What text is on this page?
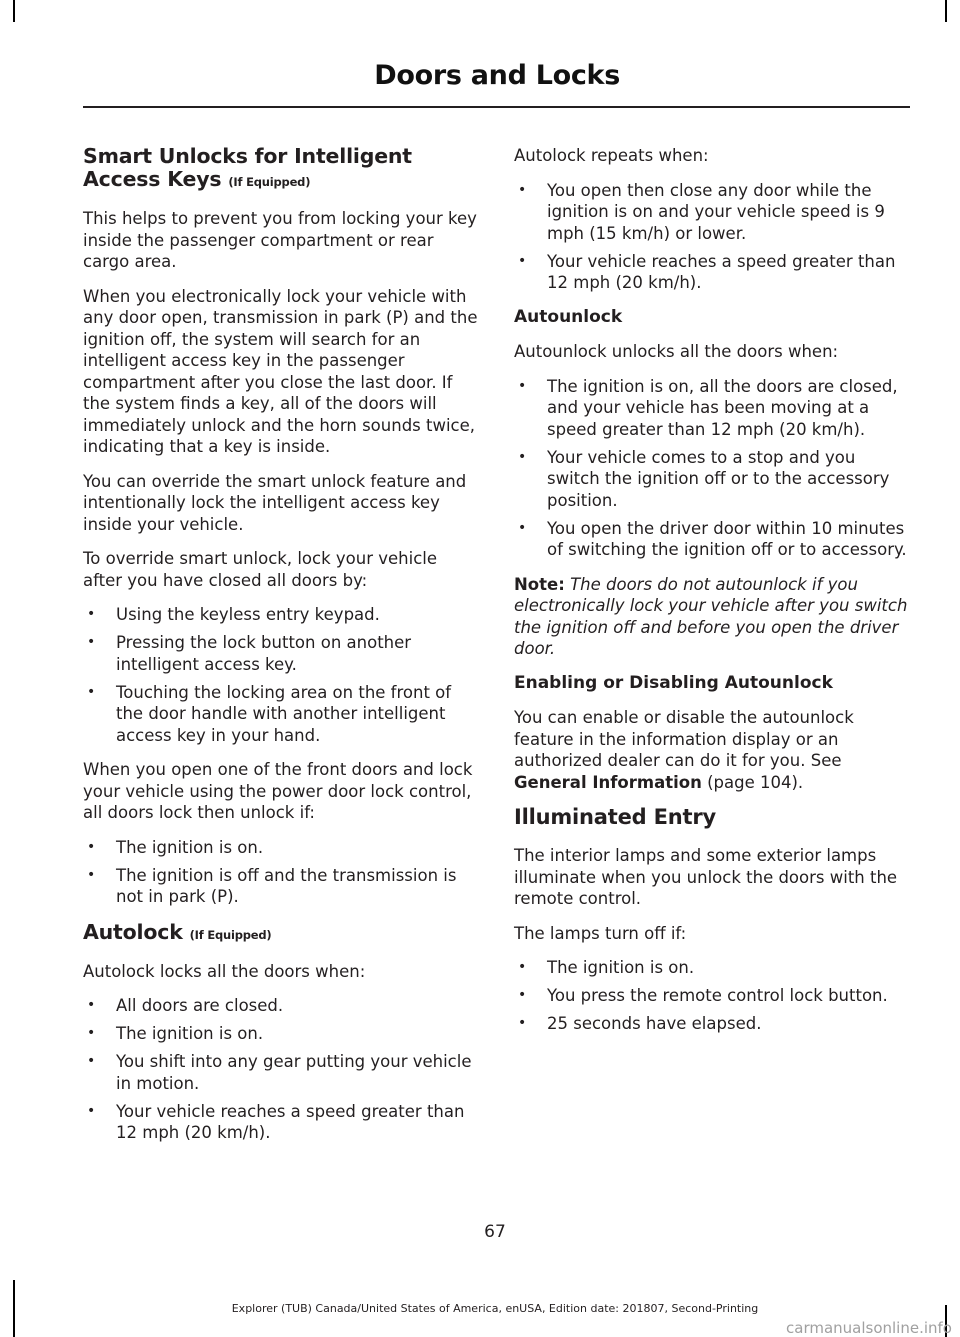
Doors and Locks
Smart Unlocks for Intelligent Access Keys (If Equipped)

This helps to prevent you from locking your key inside the passenger compartment or rear cargo area.

When you electronically lock your vehicle with any door open, transmission in park (P) and the ignition off, the system will search for an intelligent access key in the passenger compartment after you close the last door. If the system finds a key, all of the doors will immediately unlock and the horn sounds twice, indicating that a key is inside.

You can override the smart unlock feature and intentionally lock the intelligent access key inside your vehicle.

To override smart unlock, lock your vehicle after you have closed all doors by:

• Using the keyless entry keypad.
• Pressing the lock button on another intelligent access key.
• Touching the locking area on the front of the door handle with another intelligent access key in your hand.

When you open one of the front doors and lock your vehicle using the power door lock control, all doors lock then unlock if:

• The ignition is on.
• The ignition is off and the transmission is not in park (P).
Autolock (If Equipped)

Autolock locks all the doors when:

• All doors are closed.
• The ignition is on.
• You shift into any gear putting your vehicle in motion.
• Your vehicle reaches a speed greater than 12 mph (20 km/h).

Autolock repeats when:

• You open then close any door while the ignition is on and your vehicle speed is 9 mph (15 km/h) or lower.
• Your vehicle reaches a speed greater than 12 mph (20 km/h).
Autounlock

Autounlock unlocks all the doors when:

• The ignition is on, all the doors are closed, and your vehicle has been moving at a speed greater than 12 mph (20 km/h).
• Your vehicle comes to a stop and you switch the ignition off or to the accessory position.
• You open the driver door within 10 minutes of switching the ignition off or to accessory.

Note: The doors do not autounlock if you electronically lock your vehicle after you switch the ignition off and before you open the driver door.

Enabling or Disabling Autounlock

You can enable or disable the autounlock feature in the information display or an authorized dealer can do it for you. See General Information (page 104).

Illuminated Entry

The interior lamps and some exterior lamps illuminate when you unlock the doors with the remote control.

The lamps turn off if:

• The ignition is on.
• You press the remote control lock button.
• 25 seconds have elapsed.
67
Explorer (TUB) Canada/United States of America, enUSA, Edition date: 201807, Second-Printing
carmanualsonline.info
